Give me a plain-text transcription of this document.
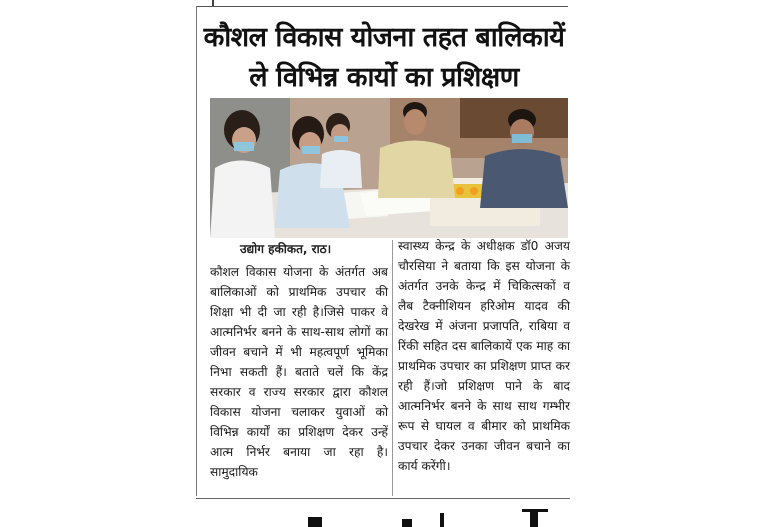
कौशल विकास योजना तहत बालिकायें
ले विभिन्न कार्यो का प्रशिक्षण
उद्योग हकीकत, राठ।

कौशल विकास योजना के अंतर्गत अब बालिकाओं को प्राथमिक उपचार की शिक्षा भी दी जा रही है।जिसे पाकर वे आत्मनिर्भर बनने के साथ-साथ लोगों का जीवन बचाने में भी महत्वपूर्ण भूमिका निभा सकती हैं। बताते चलें कि केंद्र सरकार व राज्य सरकार द्वारा कौशल विकास योजना चलाकर युवाओं को विभिन्न कार्यों का प्रशिक्षण देकर उन्हें आत्म निर्भर बनाया जा रहा है। सामुदायिक

स्वास्थ्य केन्द्र के अधीक्षक डॉ0 अजय चौरसिया ने बताया कि इस योजना के अंतर्गत उनके केन्द्र में चिकित्सकों व लैब टैक्नीशियन हरिओम यादव की देखरेख में अंजना प्रजापति, राबिया व रिंकी सहित दस बालिकायें एक माह का प्राथमिक उपचार का प्रशिक्षण प्राप्त कर रही हैं।जो प्रशिक्षण पाने के बाद आत्मनिर्भर बनने के साथ साथ गम्भीर रूप से घायल व बीमार को प्राथमिक उपचार देकर उनका जीवन बचाने का कार्य करेंगी।
